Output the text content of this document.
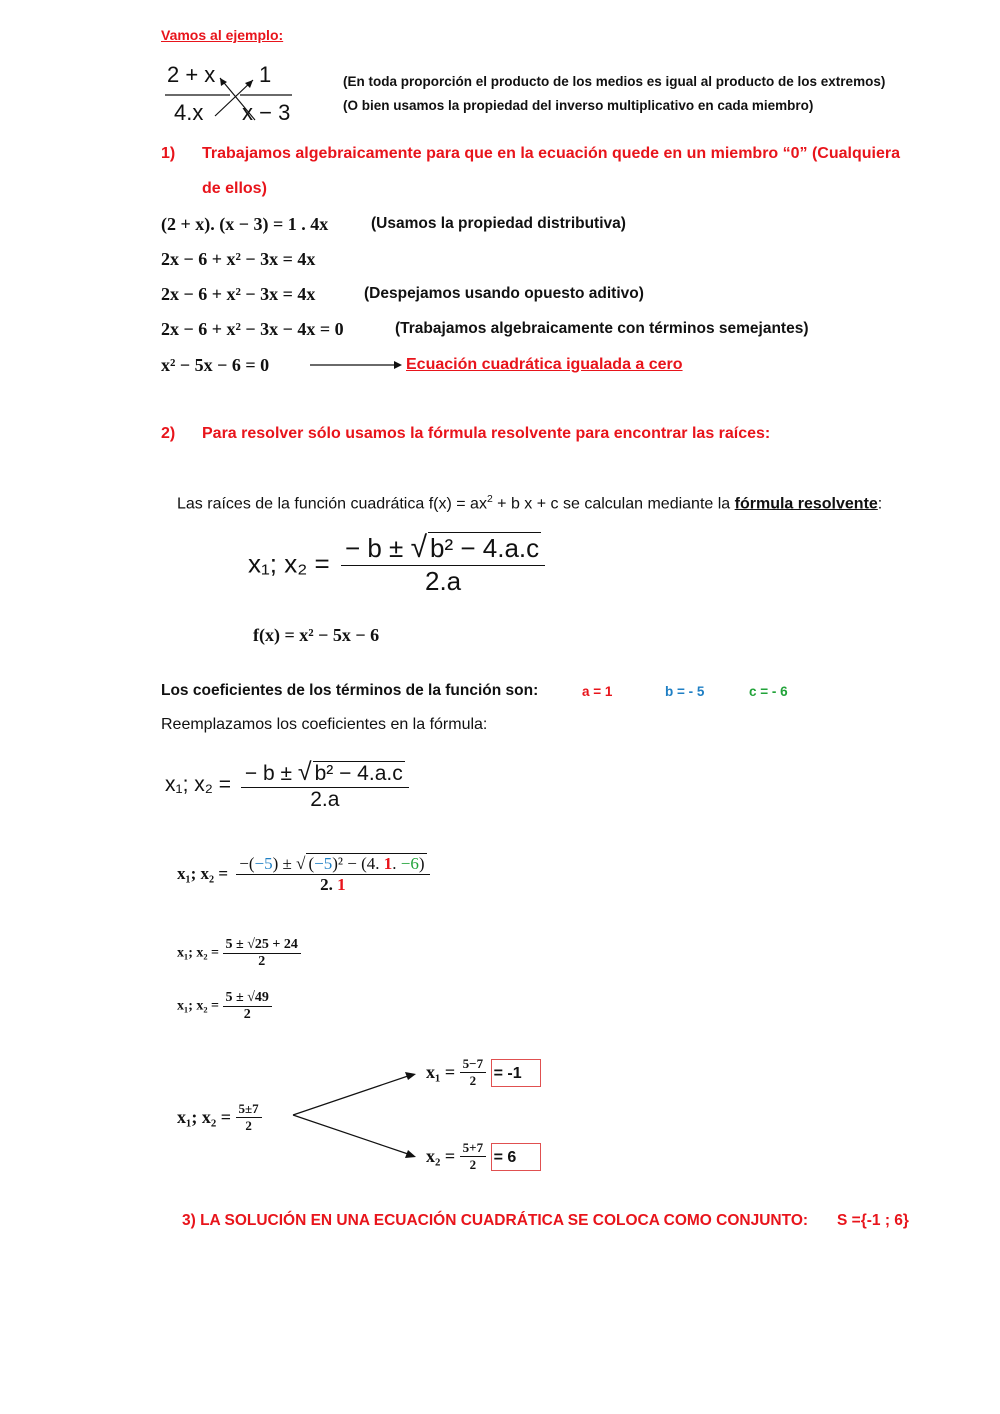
Vamos al ejemplo:
2 + x
4.x
1
x − 3
(En toda proporción el producto de los medios es igual al producto de los extremos)
(O bien usamos la propiedad del inverso multiplicativo en cada miembro)
1) Trabajamos algebraicamente para que en la ecuación quede en un miembro “0” (Cualquiera
de ellos)
(2 + x). (x − 3) = 1 . 4x	(Usamos la propiedad distributiva)
2x − 6 + x² − 3x = 4x
2x − 6 + x² − 3x = 4x	(Despejamos usando opuesto aditivo)
2x − 6 + x² − 3x − 4x = 0	(Trabajamos algebraicamente con términos semejantes)
x² − 5x − 6 = 0	Ecuación cuadrática igualada a cero
2) Para resolver sólo usamos la fórmula resolvente para encontrar las raíces:
Las raíces de la función cuadrática $f(x) = ax^2 + b$ x + c se calculan mediante la fórmula resolvente:
x₁; $x_2 = \frac{\text{− b ± √ b² − 4.a.c}}{2.a}$
f(x) = x² − 5x − 6
Los coeficientes de los términos de la función son:	a = 1	b = - 5	c = - 6
Reemplazamos los coeficientes en la fórmula:
x₁; $x_2 = \frac{\text{− b ± √ b² − 4.a.c}}{2.a}$
x₁; $x_2 = \frac{\text{−(−5) ± √ (−5)² − (4. 1. −6)}}{2. 1}$
x₁; $x_2 = \frac{5 \pm √25 + 24}{2}$
x₁; $x_2 = \frac{5 \pm √49}{2}$
x₁; $x_2 = \frac{5\pm 7}{2}$
$x_1 = \frac{5-7}{2} = -1$
$x_2 = \frac{5+7}{2} = 6$
3) LA SOLUCIÓN EN UNA ECUACIÓN CUADRÁTICA SE COLOCA COMO CONJUNTO: S ={-1 ; 6}
